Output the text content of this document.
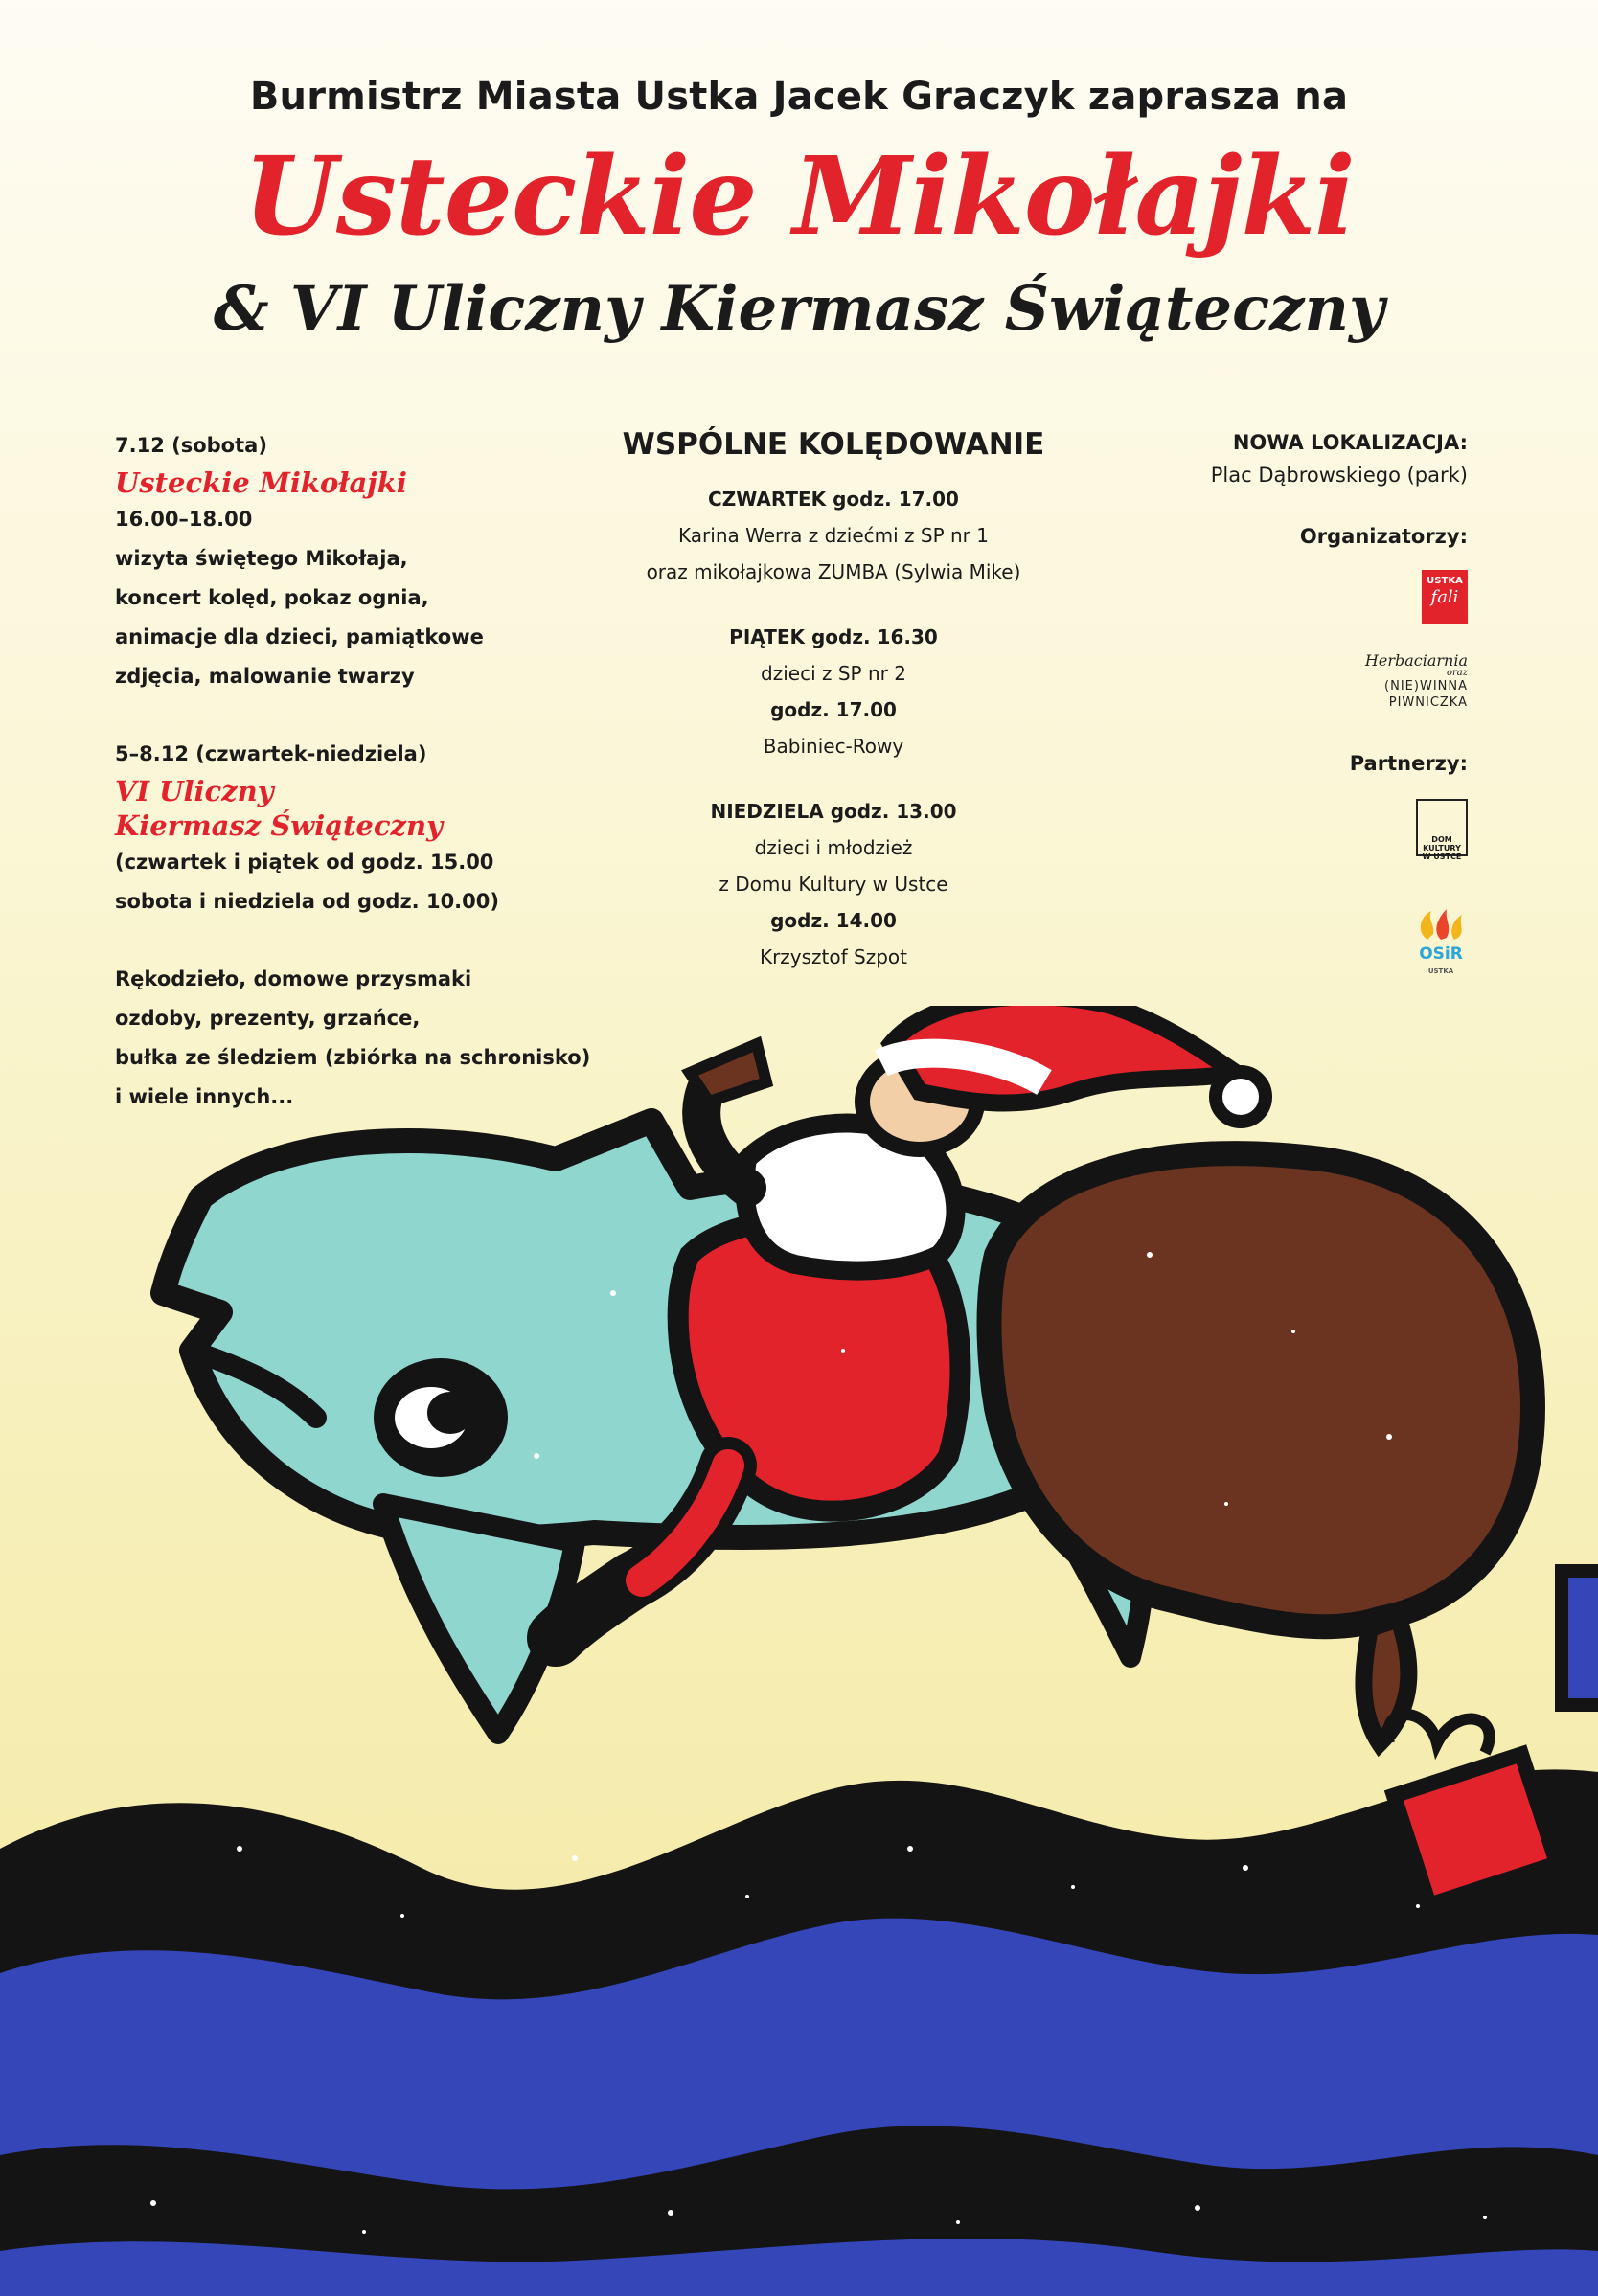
Burmistrz Miasta Ustka Jacek Graczyk zaprasza na
Usteckie Mikołajki
& VI Uliczny Kiermasz Świąteczny
7.12 (sobota)
Usteckie Mikołajki
16.00–18.00
wizyta świętego Mikołaja,
koncert kolęd, pokaz ognia,
animacje dla dzieci, pamiątkowe
zdjęcia, malowanie twarzy
5–8.12 (czwartek-niedziela)
VI Uliczny
Kiermasz Świąteczny
(czwartek i piątek od godz. 15.00
sobota i niedziela od godz. 10.00)
Rękodzieło, domowe przysmaki
ozdoby, prezenty, grzańce,
bułka ze śledziem (zbiórka na schronisko)
i wiele innych...
WSPÓLNE KOLĘDOWANIE
CZWARTEK godz. 17.00
Karina Werra z dziećmi z SP nr 1
oraz mikołajkowa ZUMBA (Sylwia Mike)
PIĄTEK godz. 16.30
dzieci z SP nr 2
godz. 17.00
Babiniec-Rowy
NIEDZIELA godz. 13.00
dzieci i młodzież
z Domu Kultury w Ustce
godz. 14.00
Krzysztof Szpot
NOWA LOKALIZACJA:
Plac Dąbrowskiego (park)
Organizatorzy:
USTKA
fali
Herbaciarnia
oraz
(NIE)WINNA
PIWNICZKA
Partnerzy:
DOM
KULTURY W USTCE
OSiR
USTKA
